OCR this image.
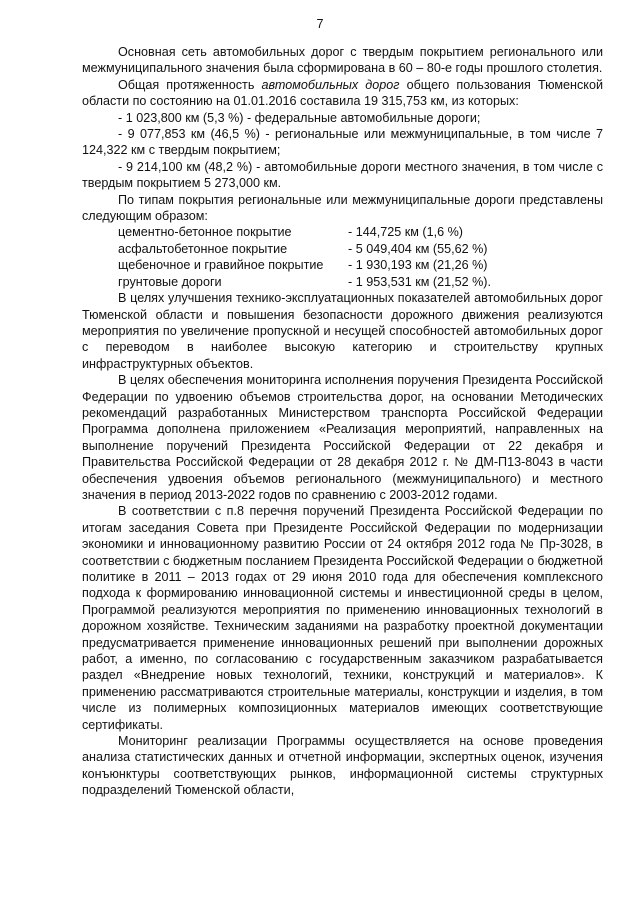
7

Основная сеть автомобильных дорог с твердым покрытием регионального или межмуниципального значения была сформирована в 60 – 80-е годы прошлого столетия.

Общая протяженность автомобильных дорог общего пользования Тюменской области по состоянию на 01.01.2016 составила 19 315,753 км, из которых:

- 1 023,800 км (5,3 %) - федеральные автомобильные дороги;

- 9 077,853 км (46,5 %) - региональные или межмуниципальные, в том числе 7 124,322 км с твердым покрытием;

- 9 214,100 км (48,2 %) - автомобильные дороги местного значения, в том числе с твердым покрытием 5 273,000 км.

По типам покрытия региональные или межмуниципальные дороги представлены следующим образом:

цементно-бетонное покрытие	- 144,725 км (1,6 %)
асфальтобетонное покрытие	- 5 049,404 км (55,62 %)
щебеночное и гравийное покрытие	- 1 930,193 км (21,26 %)
грунтовые дороги	- 1 953,531 км (21,52 %).

В целях улучшения технико-эксплуатационных показателей автомобильных дорог Тюменской области и повышения безопасности дорожного движения реализуются мероприятия по увеличение пропускной и несущей способностей автомобильных дорог с переводом в наиболее высокую категорию и строительству крупных инфраструктурных объектов.

В целях обеспечения мониторинга исполнения поручения Президента Российской Федерации по удвоению объемов строительства дорог, на основании Методических рекомендаций разработанных Министерством транспорта Российской Федерации Программа дополнена приложением «Реализация мероприятий, направленных на выполнение поручений Президента Российской Федерации от 22 декабря и Правительства Российской Федерации от 28 декабря 2012 г. № ДМ-П13-8043 в части обеспечения удвоения объемов регионального (межмуниципального) и местного значения в период 2013-2022 годов по сравнению с 2003-2012 годами.

В соответствии с п.8 перечня поручений Президента Российской Федерации по итогам заседания Совета при Президенте Российской Федерации по модернизации экономики и инновационному развитию России от 24 октября 2012 года № Пр-3028, в соответствии с бюджетным посланием Президента Российской Федерации о бюджетной политике в 2011 – 2013 годах от 29 июня 2010 года для обеспечения комплексного подхода к формированию инновационной системы и инвестиционной среды в целом, Программой реализуются мероприятия по применению инновационных технологий в дорожном хозяйстве. Техническим заданиями на разработку проектной документации предусматривается применение инновационных решений при выполнении дорожных работ, а именно, по согласованию с государственным заказчиком разрабатывается раздел «Внедрение новых технологий, техники, конструкций и материалов». К применению рассматриваются строительные материалы, конструкции и изделия, в том числе из полимерных композиционных материалов имеющих соответствующие сертификаты.

Мониторинг реализации Программы осуществляется на основе проведения анализа статистических данных и отчетной информации, экспертных оценок, изучения конъюнктуры соответствующих рынков, информационной системы структурных подразделений Тюменской области,
